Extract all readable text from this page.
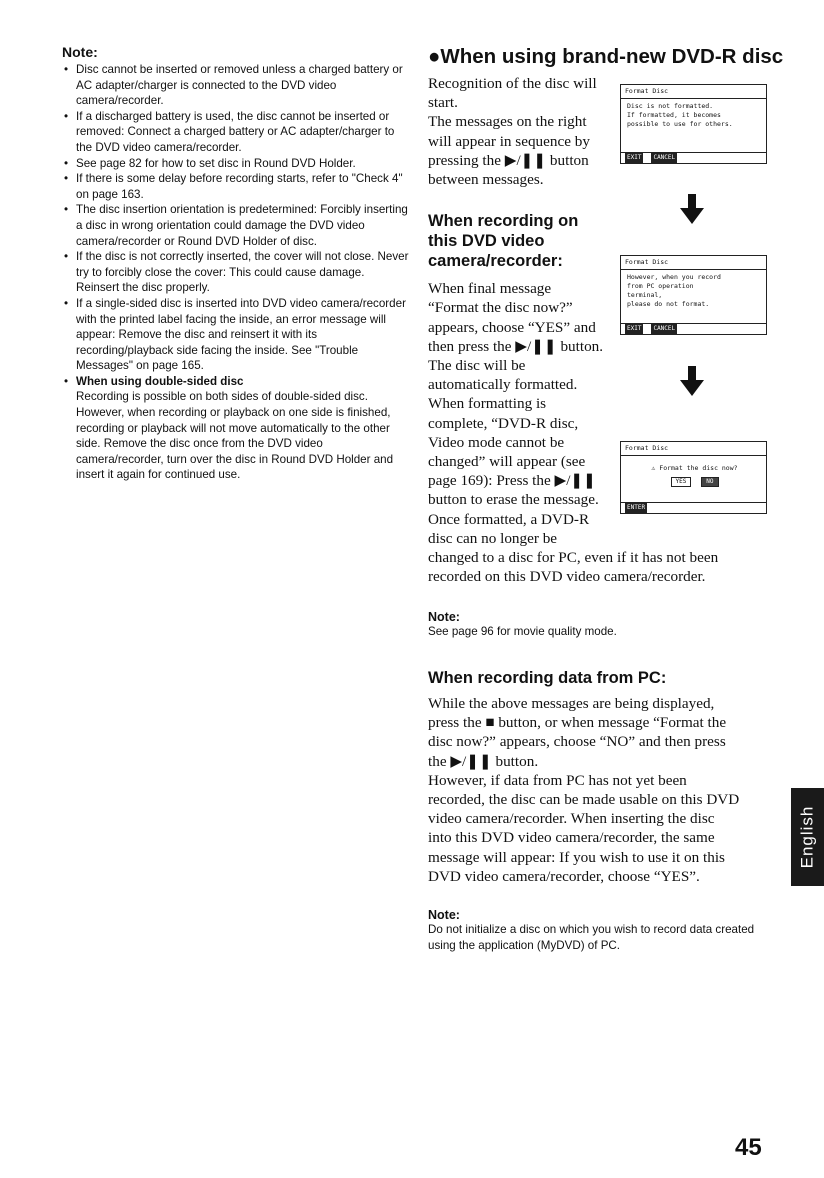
Note:

• Disc cannot be inserted or removed unless a charged battery or AC adapter/charger is connected to the DVD video camera/recorder.
• If a discharged battery is used, the disc cannot be inserted or removed: Connect a charged battery or AC adapter/charger to the DVD video camera/recorder.
• See page 82 for how to set disc in Round DVD Holder.
• If there is some delay before recording starts, refer to "Check 4" on page 163.
• The disc insertion orientation is predetermined: Forcibly inserting a disc in wrong orientation could damage the DVD video camera/recorder or Round DVD Holder of disc.
• If the disc is not correctly inserted, the cover will not close. Never try to forcibly close the cover: This could cause damage. Reinsert the disc properly.
• If a single-sided disc is inserted into DVD video camera/recorder with the printed label facing the inside, an error message will appear: Remove the disc and reinsert it with its recording/playback side facing the inside. See "Trouble Messages" on page 165.
• When using double-sided disc
Recording is possible on both sides of double-sided disc. However, when recording or playback on one side is finished, recording or playback will not move automatically to the other side. Remove the disc once from the DVD video camera/recorder, turn over the disc in Round DVD Holder and insert it again for continued use.
●When using brand-new DVD-R disc
Recognition of the disc will
start.
The messages on the right
will appear in sequence by
pressing the ▶/❚❚ button
between messages.
When recording on
this DVD video
camera/recorder:
When final message
“Format the disc now?”
appears, choose “YES” and
then press the ▶/❚❚ button.
The disc will be
automatically formatted.
When formatting is
complete, “DVD-R disc,
Video mode cannot be
changed” will appear (see
page 169): Press the ▶/❚❚
button to erase the message.
Once formatted, a DVD-R
disc can no longer be
changed to a disc for PC, even if it has not been
recorded on this DVD video camera/recorder.

Note:

See page 96 for movie quality mode.

When recording data from PC:
While the above messages are being displayed,
press the ■ button, or when message “Format the
disc now?” appears, choose “NO” and then press
the ▶/❚❚ button.
However, if data from PC has not yet been
recorded, the disc can be made usable on this DVD
video camera/recorder. When inserting the disc
into this DVD video camera/recorder, the same
message will appear: If you wish to use it on this
DVD video camera/recorder, choose “YES”.

Note:

Do not initialize a disc on which you wish to record data created using the application (MyDVD) of PC.

Format Disc
Disc is not formatted.
If formatted, it becomes
possible to use for others.
EXIT	CANCEL
Format Disc
However, when you record
from PC operation
terminal,
please do not format.
EXIT	CANCEL
Format Disc
⚠ Format the disc now?
YES	NO
ENTER
English
45
